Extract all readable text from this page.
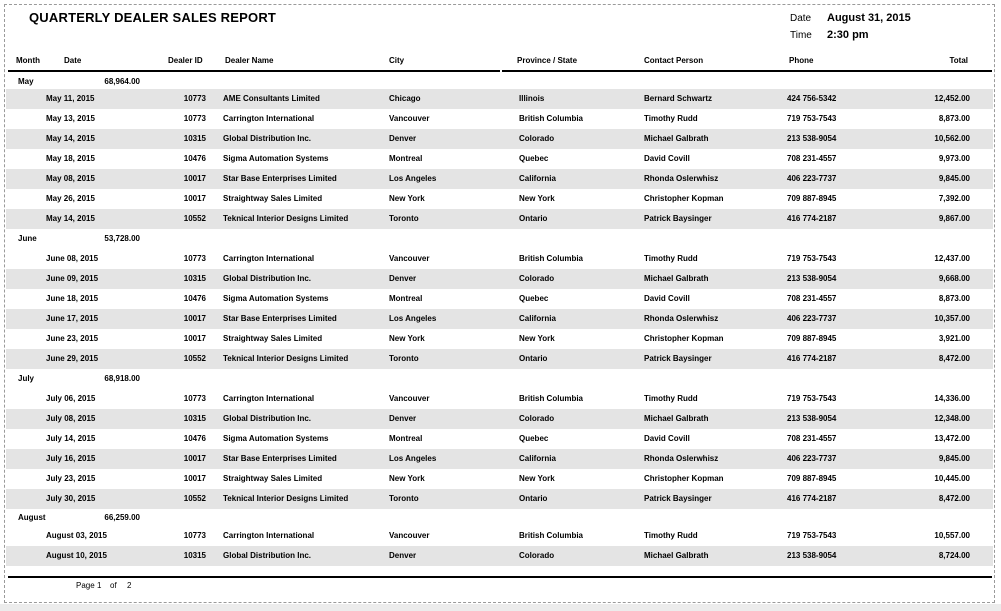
QUARTERLY DEALER SALES REPORT	Date August 31, 2015
Time 2:30 pm
Month	Date	Dealer ID	Dealer Name	City	Province / State	Contact Person	Phone	Total
May	68,964.00
May 11, 2015	10773 AME Consultants Limited	Chicago	Illinois	Bernard Schwartz	424 756-5342	12,452.00
May 13, 2015	10773 Carrington International	Vancouver	British Columbia	Timothy Rudd	719 753-7543	8,873.00
May 14, 2015	10315 Global Distribution Inc.	Denver	Colorado	Michael Galbrath	213 538-9054	10,562.00
May 18, 2015	10476 Sigma Automation Systems	Montreal	Quebec	David Covill	708 231-4557	9,973.00
May 08, 2015	10017 Star Base Enterprises Limited	Los Angeles	California	Rhonda Oslerwhisz	406 223-7737	9,845.00
May 26, 2015	10017 Straightway Sales Limited	New York	New York	Christopher Kopman	709 887-8945	7,392.00
May 14, 2015	10552 Teknical Interior Designs Limited	Toronto	Ontario	Patrick Baysinger	416 774-2187	9,867.00
June	53,728.00
June 08, 2015	10773 Carrington International	Vancouver	British Columbia	Timothy Rudd	719 753-7543	12,437.00
June 09, 2015	10315 Global Distribution Inc.	Denver	Colorado	Michael Galbrath	213 538-9054	9,668.00
June 18, 2015	10476 Sigma Automation Systems	Montreal	Quebec	David Covill	708 231-4557	8,873.00
June 17, 2015	10017 Star Base Enterprises Limited	Los Angeles	California	Rhonda Oslerwhisz	406 223-7737	10,357.00
June 23, 2015	10017 Straightway Sales Limited	New York	New York	Christopher Kopman	709 887-8945	3,921.00
June 29, 2015	10552 Teknical Interior Designs Limited	Toronto	Ontario	Patrick Baysinger	416 774-2187	8,472.00
July	68,918.00
July 06, 2015	10773 Carrington International	Vancouver	British Columbia	Timothy Rudd	719 753-7543	14,336.00
July 08, 2015	10315 Global Distribution Inc.	Denver	Colorado	Michael Galbrath	213 538-9054	12,348.00
July 14, 2015	10476 Sigma Automation Systems	Montreal	Quebec	David Covill	708 231-4557	13,472.00
July 16, 2015	10017 Star Base Enterprises Limited	Los Angeles	California	Rhonda Oslerwhisz	406 223-7737	9,845.00
July 23, 2015	10017 Straightway Sales Limited	New York	New York	Christopher Kopman	709 887-8945	10,445.00
July 30, 2015	10552 Teknical Interior Designs Limited	Toronto	Ontario	Patrick Baysinger	416 774-2187	8,472.00
August	66,259.00
August 03, 2015	10773 Carrington International	Vancouver	British Columbia	Timothy Rudd	719 753-7543	10,557.00
August 10, 2015	10315 Global Distribution Inc.	Denver	Colorado	Michael Galbrath	213 538-9054	8,724.00
Page 1 of 2
